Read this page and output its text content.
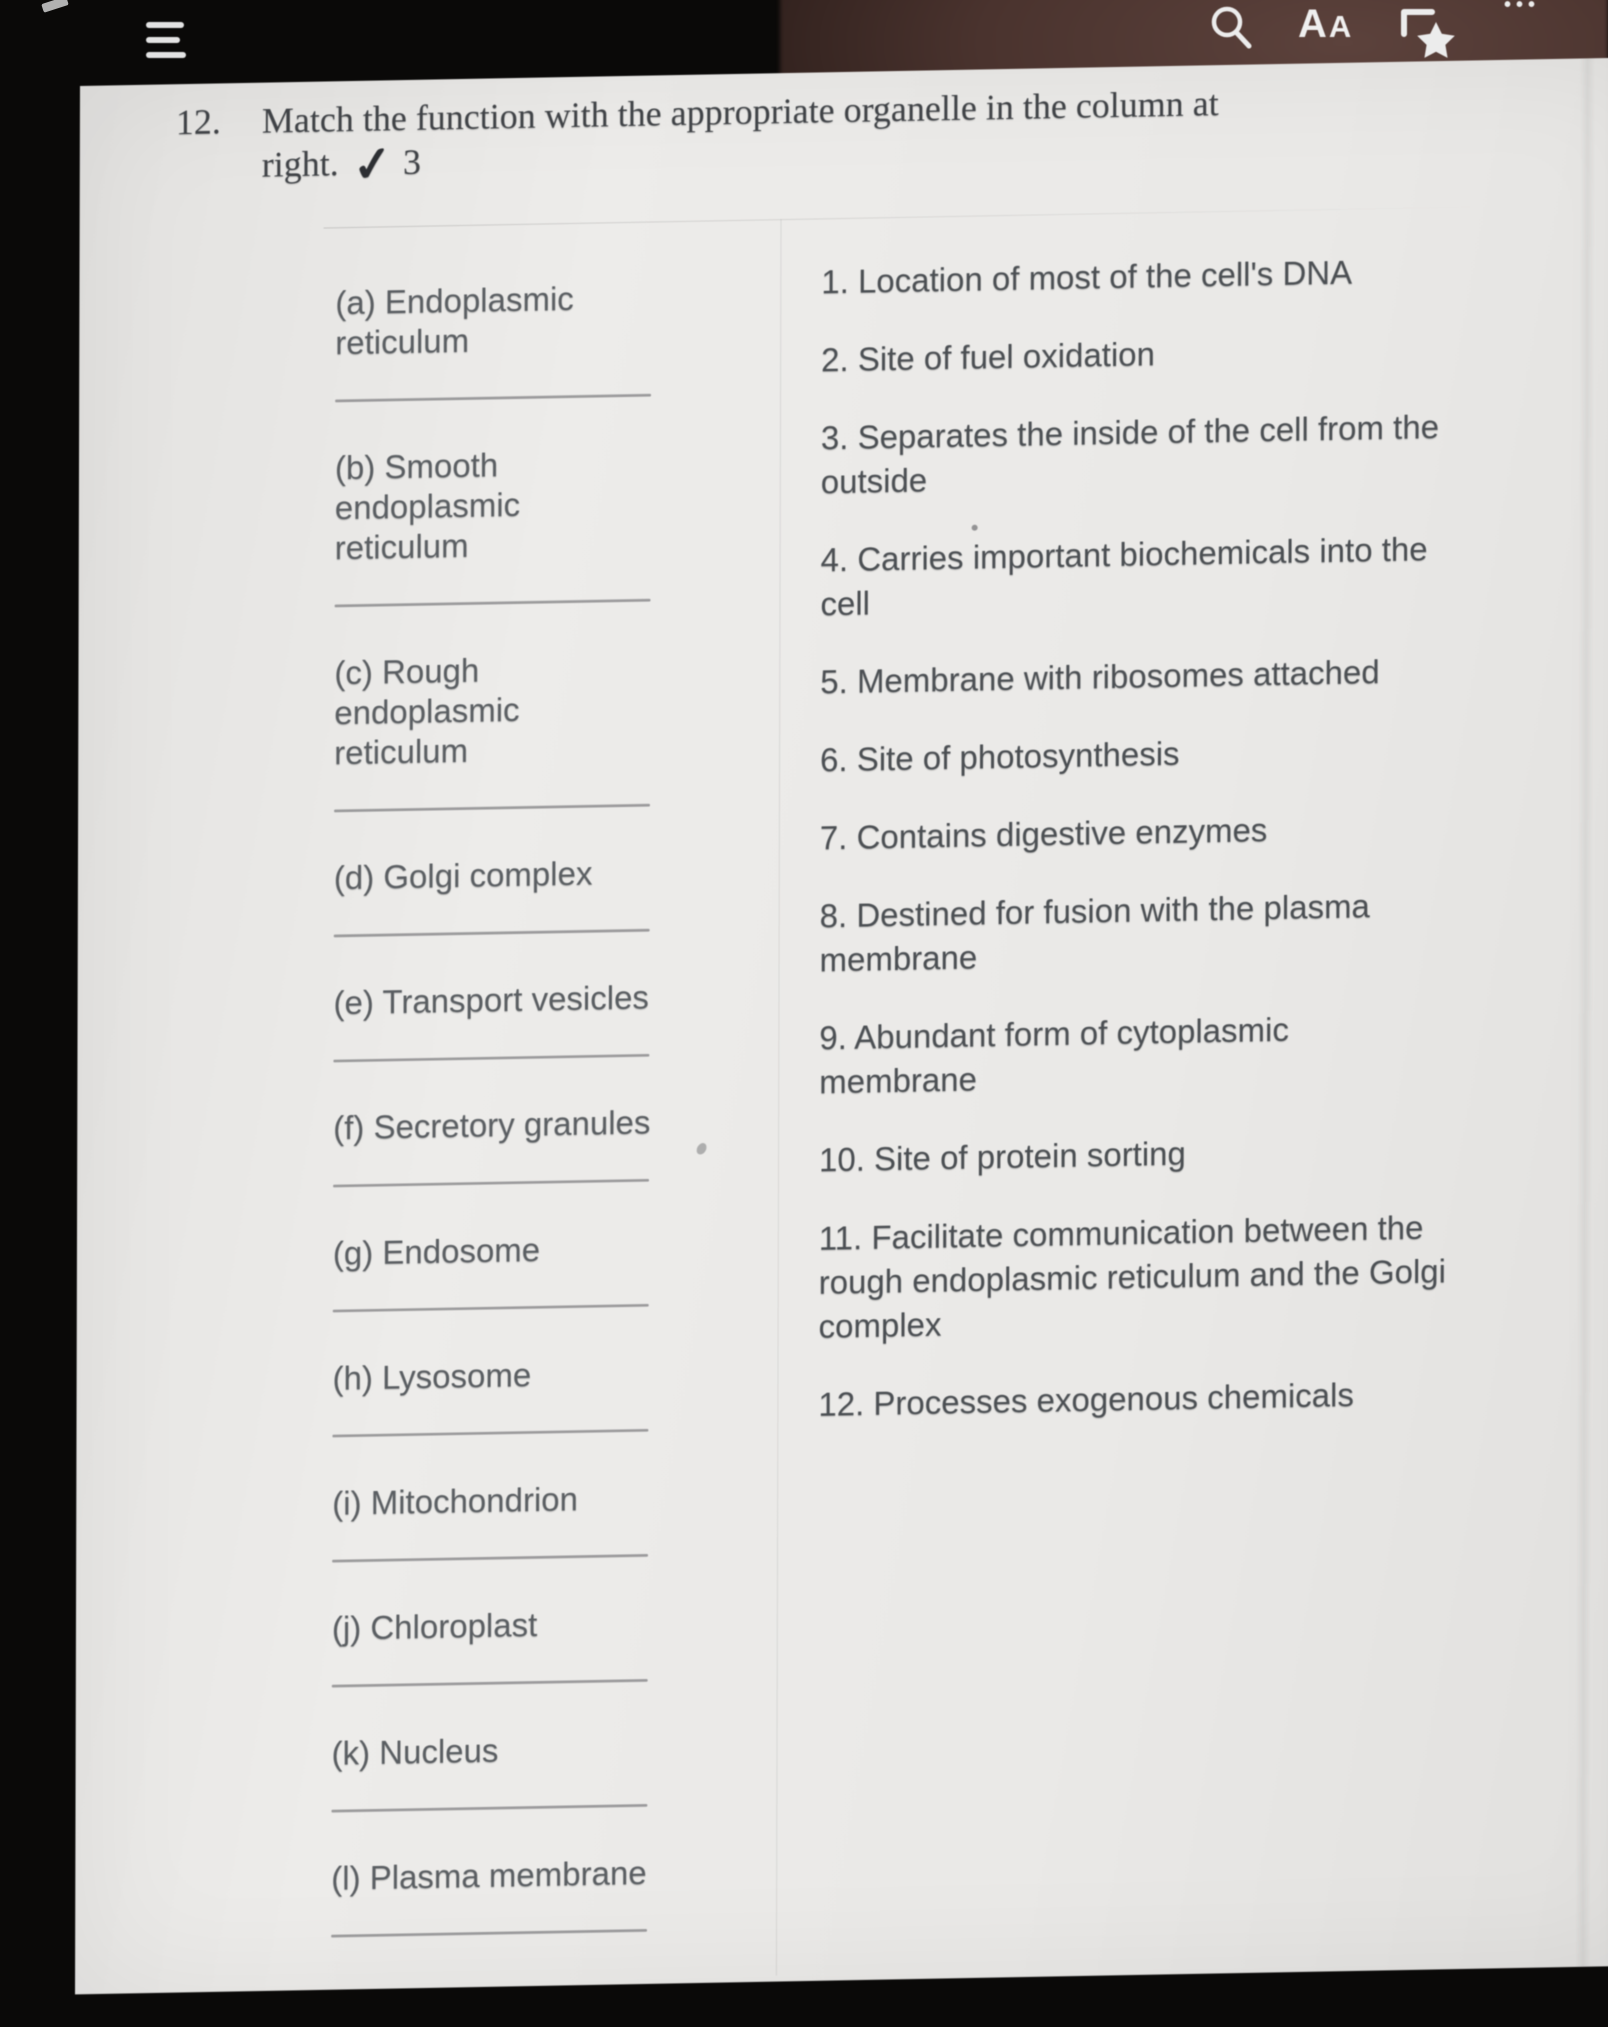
AA
•••
12.	Match the function with the appropriate organelle in the column at
right. ✓ 3
(a) Endoplasmic
reticulum
(b) Smooth
endoplasmic
reticulum
(c) Rough
endoplasmic
reticulum
(d) Golgi complex
(e) Transport vesicles
(f) Secretory granules
(g) Endosome
(h) Lysosome
(i) Mitochondrion
(j) Chloroplast
(k) Nucleus
(l) Plasma membrane
1. Location of most of the cell's DNA
2. Site of fuel oxidation
3. Separates the inside of the cell from the
outside
4. Carries important biochemicals into the
cell
5. Membrane with ribosomes attached
6. Site of photosynthesis
7. Contains digestive enzymes
8. Destined for fusion with the plasma
membrane
9. Abundant form of cytoplasmic
membrane
10. Site of protein sorting
11. Facilitate communication between the
rough endoplasmic reticulum and the Golgi
complex
12. Processes exogenous chemicals
